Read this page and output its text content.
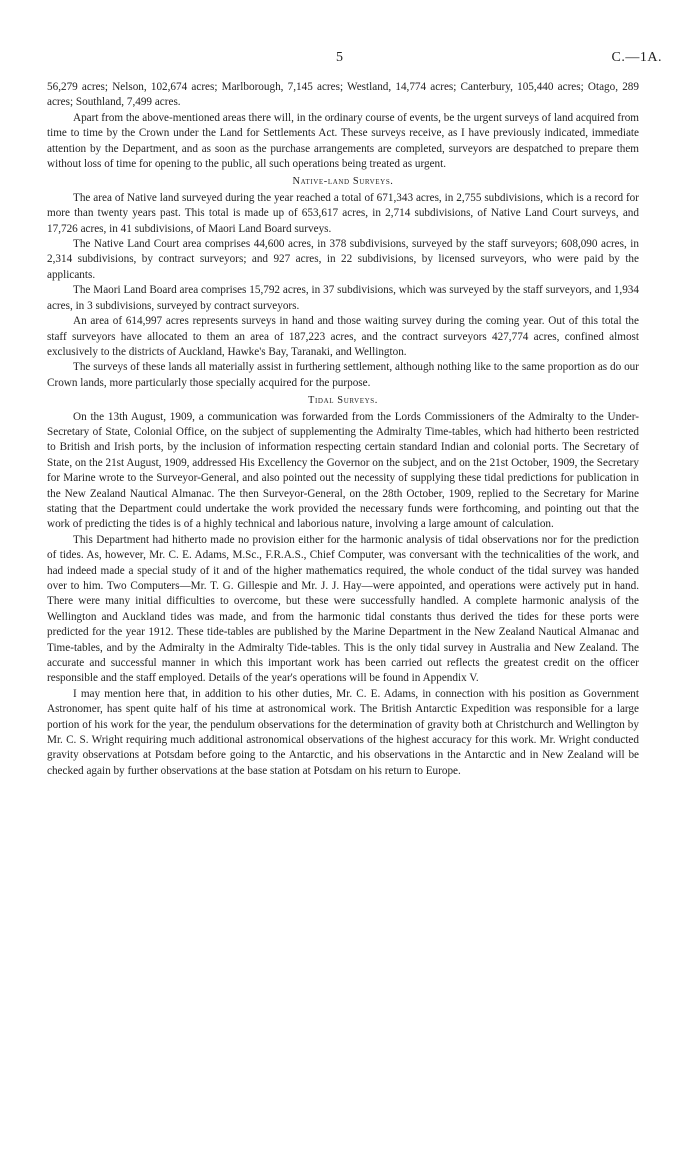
5	C.—1A.

56,279 acres; Nelson, 102,674 acres; Marlborough, 7,145 acres; Westland, 14,774 acres; Canterbury, 105,440 acres; Otago, 289 acres; Southland, 7,499 acres.

Apart from the above-mentioned areas there will, in the ordinary course of events, be the urgent surveys of land acquired from time to time by the Crown under the Land for Settlements Act. These surveys receive, as I have previously indicated, immediate attention by the Department, and as soon as the purchase arrangements are completed, surveyors are despatched to prepare them without loss of time for opening to the public, all such operations being treated as urgent.

Native-land Surveys.

The area of Native land surveyed during the year reached a total of 671,343 acres, in 2,755 subdivisions, which is a record for more than twenty years past. This total is made up of 653,617 acres, in 2,714 subdivisions, of Native Land Court surveys, and 17,726 acres, in 41 subdivisions, of Maori Land Board surveys.

The Native Land Court area comprises 44,600 acres, in 378 subdivisions, surveyed by the staff surveyors; 608,090 acres, in 2,314 subdivisions, by contract surveyors; and 927 acres, in 22 subdivisions, by licensed surveyors, who were paid by the applicants.

The Maori Land Board area comprises 15,792 acres, in 37 subdivisions, which was surveyed by the staff surveyors, and 1,934 acres, in 3 subdivisions, surveyed by contract surveyors.

An area of 614,997 acres represents surveys in hand and those waiting survey during the coming year. Out of this total the staff surveyors have allocated to them an area of 187,223 acres, and the contract surveyors 427,774 acres, confined almost exclusively to the districts of Auckland, Hawke's Bay, Taranaki, and Wellington.

The surveys of these lands all materially assist in furthering settlement, although nothing like to the same proportion as do our Crown lands, more particularly those specially acquired for the purpose.

Tidal Surveys.

On the 13th August, 1909, a communication was forwarded from the Lords Commissioners of the Admiralty to the Under-Secretary of State, Colonial Office, on the subject of supplementing the Admiralty Time-tables, which had hitherto been restricted to British and Irish ports, by the inclusion of information respecting certain standard Indian and colonial ports. The Secretary of State, on the 21st August, 1909, addressed His Excellency the Governor on the subject, and on the 21st October, 1909, the Secretary for Marine wrote to the Surveyor-General, and also pointed out the necessity of supplying these tidal predictions for publication in the New Zealand Nautical Almanac. The then Surveyor-General, on the 28th October, 1909, replied to the Secretary for Marine stating that the Department could undertake the work provided the necessary funds were forthcoming, and pointing out that the work of predicting the tides is of a highly technical and laborious nature, involving a large amount of calculation.

This Department had hitherto made no provision either for the harmonic analysis of tidal observations nor for the prediction of tides. As, however, Mr. C. E. Adams, M.Sc., F.R.A.S., Chief Computer, was conversant with the technicalities of the work, and had indeed made a special study of it and of the higher mathematics required, the whole conduct of the tidal survey was handed over to him. Two Computers—Mr. T. G. Gillespie and Mr. J. J. Hay—were appointed, and operations were actively put in hand. There were many initial difficulties to overcome, but these were successfully handled. A complete harmonic analysis of the Wellington and Auckland tides was made, and from the harmonic tidal constants thus derived the tides for these ports were predicted for the year 1912. These tide-tables are published by the Marine Department in the New Zealand Nautical Almanac and Time-tables, and by the Admiralty in the Admiralty Tide-tables. This is the only tidal survey in Australia and New Zealand. The accurate and successful manner in which this important work has been carried out reflects the greatest credit on the officer responsible and the staff employed. Details of the year's operations will be found in Appendix V.

I may mention here that, in addition to his other duties, Mr. C. E. Adams, in connection with his position as Government Astronomer, has spent quite half of his time at astronomical work. The British Antarctic Expedition was responsible for a large portion of his work for the year, the pendulum observations for the determination of gravity both at Christchurch and Wellington by Mr. C. S. Wright requiring much additional astronomical observations of the highest accuracy for this work. Mr. Wright conducted gravity observations at Potsdam before going to the Antarctic, and his observations in the Antarctic and in New Zealand will be checked again by further observations at the base station at Potsdam on his return to Europe.
